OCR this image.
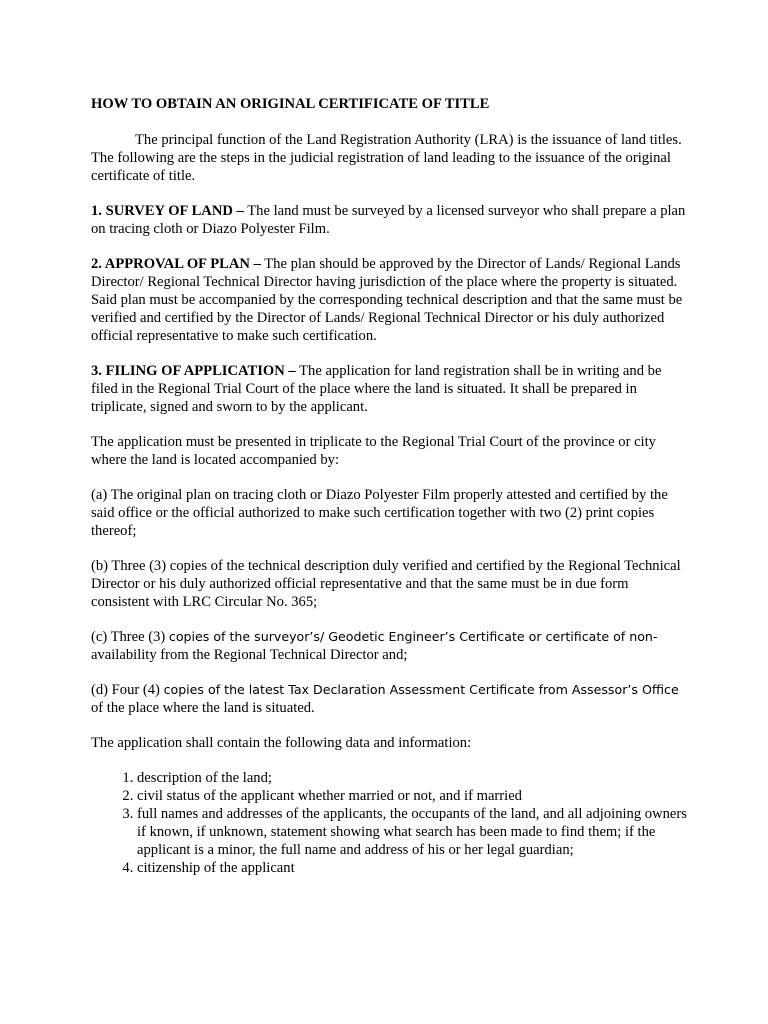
HOW TO OBTAIN AN ORIGINAL CERTIFICATE OF TITLE

The principal function of the Land Registration Authority (LRA) is the issuance of land titles. The following are the steps in the judicial registration of land leading to the issuance of the original certificate of title.

1. SURVEY OF LAND – The land must be surveyed by a licensed surveyor who shall prepare a plan on tracing cloth or Diazo Polyester Film.

2. APPROVAL OF PLAN – The plan should be approved by the Director of Lands/ Regional Lands Director/ Regional Technical Director having jurisdiction of the place where the property is situated. Said plan must be accompanied by the corresponding technical description and that the same must be verified and certified by the Director of Lands/ Regional Technical Director or his duly authorized official representative to make such certification.

3. FILING OF APPLICATION – The application for land registration shall be in writing and be filed in the Regional Trial Court of the place where the land is situated. It shall be prepared in triplicate, signed and sworn to by the applicant.

The application must be presented in triplicate to the Regional Trial Court of the province or city where the land is located accompanied by:

(a) The original plan on tracing cloth or Diazo Polyester Film properly attested and certified by the said office or the official authorized to make such certification together with two (2) print copies thereof;

(b) Three (3) copies of the technical description duly verified and certified by the Regional Technical Director or his duly authorized official representative and that the same must be in due form consistent with LRC Circular No. 365;

(c) Three (3) copies of the surveyor’s/ Geodetic Engineer’s Certificate or certificate of non-
availability from the Regional Technical Director and;

(d) Four (4) copies of the latest Tax Declaration Assessment Certificate from Assessor’s Office
of the place where the land is situated.

The application shall contain the following data and information:

1. description of the land;
2. civil status of the applicant whether married or not, and if married
3. full names and addresses of the applicants, the occupants of the land, and all adjoining owners if known, if unknown, statement showing what search has been made to find them; if the applicant is a minor, the full name and address of his or her legal guardian;
4. citizenship of the applicant
